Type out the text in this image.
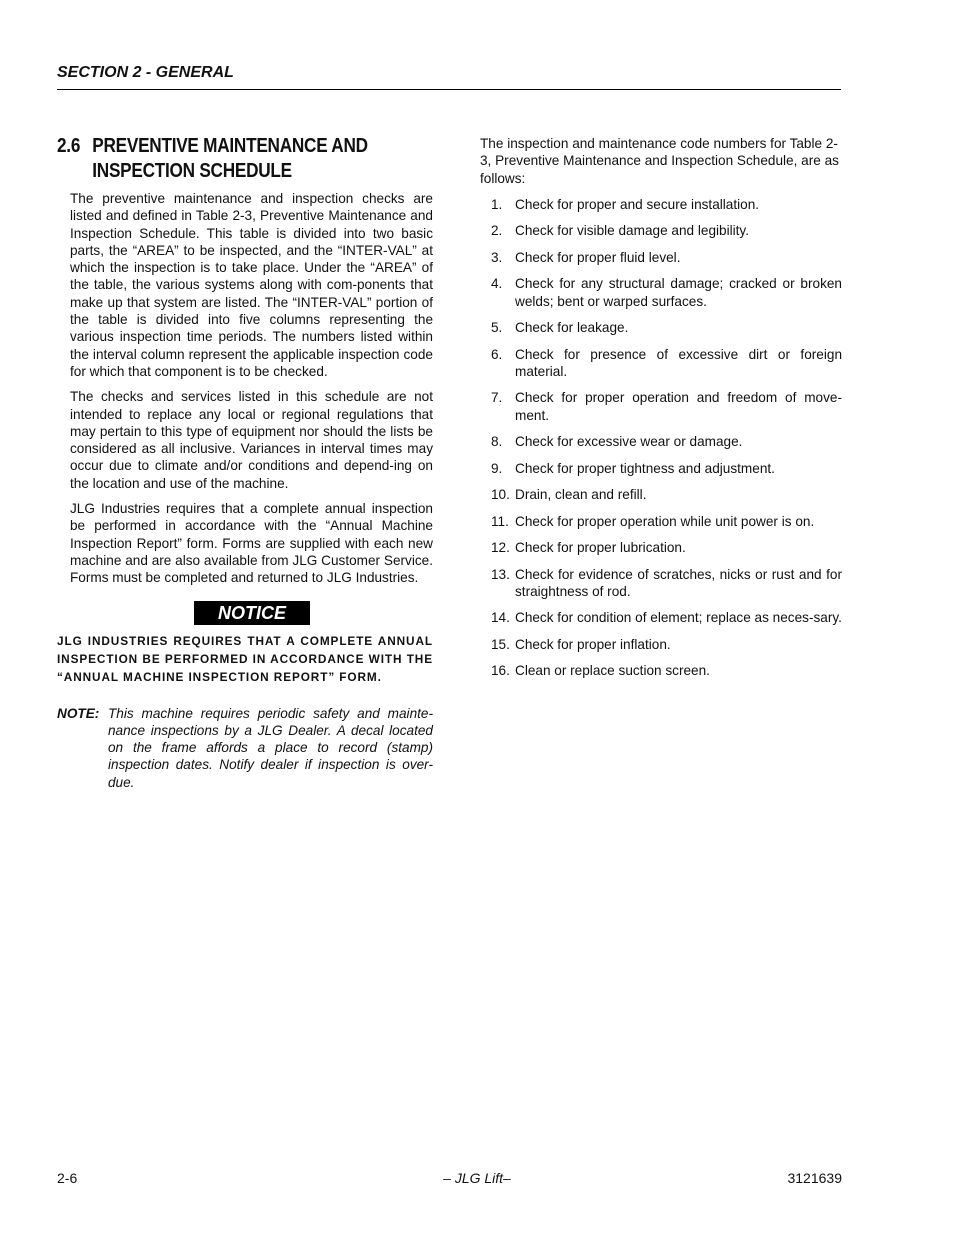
SECTION 2 - GENERAL
2.6 PREVENTIVE MAINTENANCE AND INSPECTION SCHEDULE

The preventive maintenance and inspection checks are listed and defined in Table 2-3, Preventive Maintenance and Inspection Schedule. This table is divided into two basic parts, the “AREA” to be inspected, and the “INTER-VAL” at which the inspection is to take place. Under the “AREA” of the table, the various systems along with com-ponents that make up that system are listed. The “INTER-VAL” portion of the table is divided into five columns representing the various inspection time periods. The numbers listed within the interval column represent the applicable inspection code for which that component is to be checked.

The checks and services listed in this schedule are not intended to replace any local or regional regulations that may pertain to this type of equipment nor should the lists be considered as all inclusive. Variances in interval times may occur due to climate and/or conditions and depend-ing on the location and use of the machine.

JLG Industries requires that a complete annual inspection be performed in accordance with the “Annual Machine Inspection Report” form. Forms are supplied with each new machine and are also available from JLG Customer Service. Forms must be completed and returned to JLG Industries.

NOTICE
JLG INDUSTRIES REQUIRES THAT A COMPLETE ANNUAL INSPECTION BE PERFORMED IN ACCORDANCE WITH THE “ANNUAL MACHINE INSPECTION REPORT” FORM.
NOTE: This machine requires periodic safety and mainte-nance inspections by a JLG Dealer. A decal located on the frame affords a place to record (stamp) inspection dates. Notify dealer if inspection is over-due.

The inspection and maintenance code numbers for Table 2-3, Preventive Maintenance and Inspection Schedule, are as follows:

1. Check for proper and secure installation.
2. Check for visible damage and legibility.
3. Check for proper fluid level.
4. Check for any structural damage; cracked or broken welds; bent or warped surfaces.
5. Check for leakage.
6. Check for presence of excessive dirt or foreign material.
7. Check for proper operation and freedom of move-ment.
8. Check for excessive wear or damage.
9. Check for proper tightness and adjustment.
10. Drain, clean and refill.
11. Check for proper operation while unit power is on.
12. Check for proper lubrication.
13. Check for evidence of scratches, nicks or rust and for straightness of rod.
14. Check for condition of element; replace as neces-sary.
15. Check for proper inflation.
16. Clean or replace suction screen.
2-6	– JLG Lift–	3121639
